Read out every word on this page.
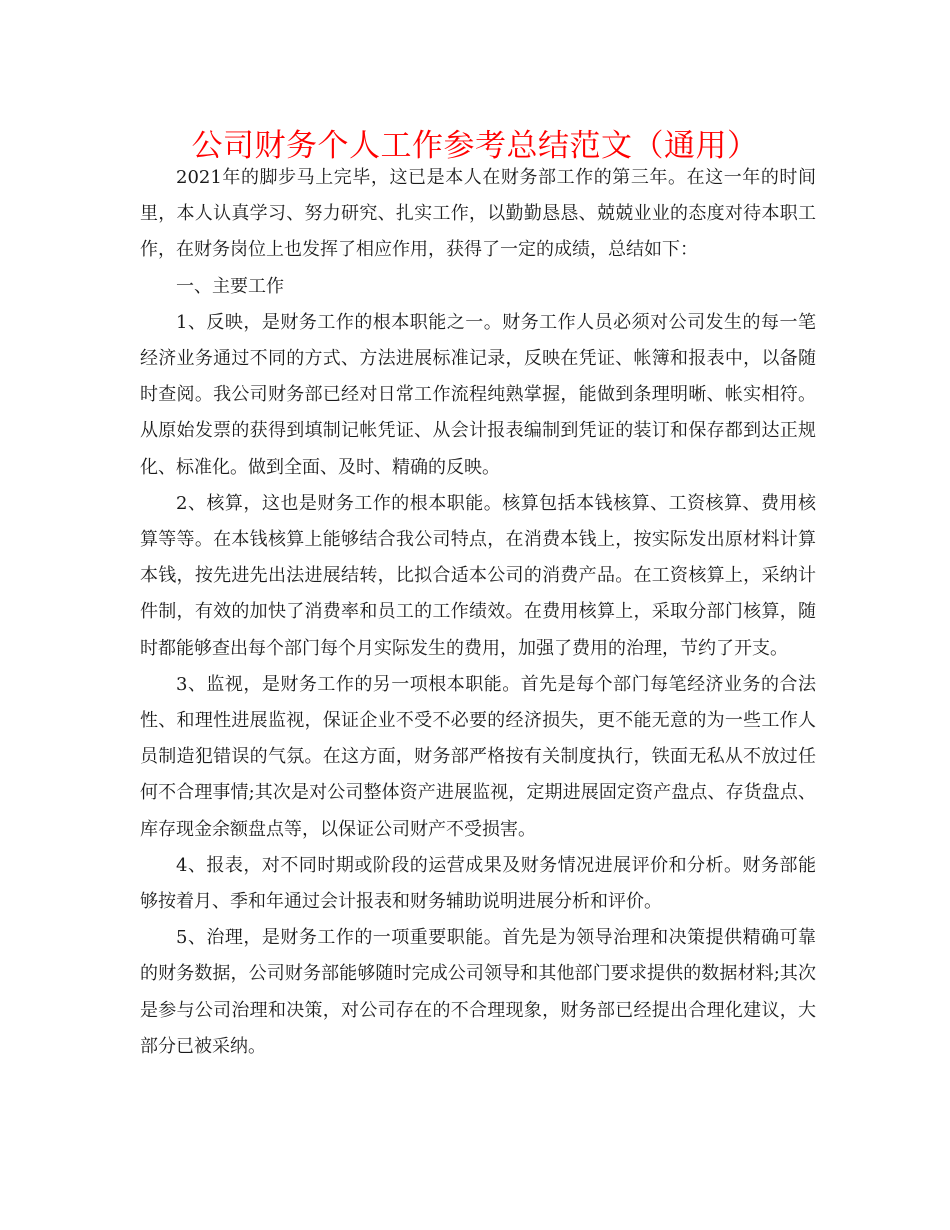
公司财务个人工作参考总结范文（通用）

2021年的脚步马上完毕，这已是本人在财务部工作的第三年。在这一年的时间里，本人认真学习、努力研究、扎实工作，以勤勤恳恳、兢兢业业的态度对待本职工作，在财务岗位上也发挥了相应作用，获得了一定的成绩，总结如下：

一、主要工作

1、反映，是财务工作的根本职能之一。财务工作人员必须对公司发生的每一笔经济业务通过不同的方式、方法进展标准记录，反映在凭证、帐簿和报表中，以备随时查阅。我公司财务部已经对日常工作流程纯熟掌握，能做到条理明晰、帐实相符。从原始发票的获得到填制记帐凭证、从会计报表编制到凭证的装订和保存都到达正规化、标准化。做到全面、及时、精确的反映。

2、核算，这也是财务工作的根本职能。核算包括本钱核算、工资核算、费用核算等等。在本钱核算上能够结合我公司特点，在消费本钱上，按实际发出原材料计算本钱，按先进先出法进展结转，比拟合适本公司的消费产品。在工资核算上，采纳计件制，有效的加快了消费率和员工的工作绩效。在费用核算上，采取分部门核算，随时都能够查出每个部门每个月实际发生的费用，加强了费用的治理，节约了开支。

3、监视，是财务工作的另一项根本职能。首先是每个部门每笔经济业务的合法性、和理性进展监视，保证企业不受不必要的经济损失，更不能无意的为一些工作人员制造犯错误的气氛。在这方面，财务部严格按有关制度执行，铁面无私从不放过任何不合理事情;其次是对公司整体资产进展监视，定期进展固定资产盘点、存货盘点、库存现金余额盘点等，以保证公司财产不受损害。

4、报表，对不同时期或阶段的运营成果及财务情况进展评价和分析。财务部能够按着月、季和年通过会计报表和财务辅助说明进展分析和评价。

5、治理，是财务工作的一项重要职能。首先是为领导治理和决策提供精确可靠的财务数据，公司财务部能够随时完成公司领导和其他部门要求提供的数据材料;其次是参与公司治理和决策，对公司存在的不合理现象，财务部已经提出合理化建议，大部分已被采纳。
